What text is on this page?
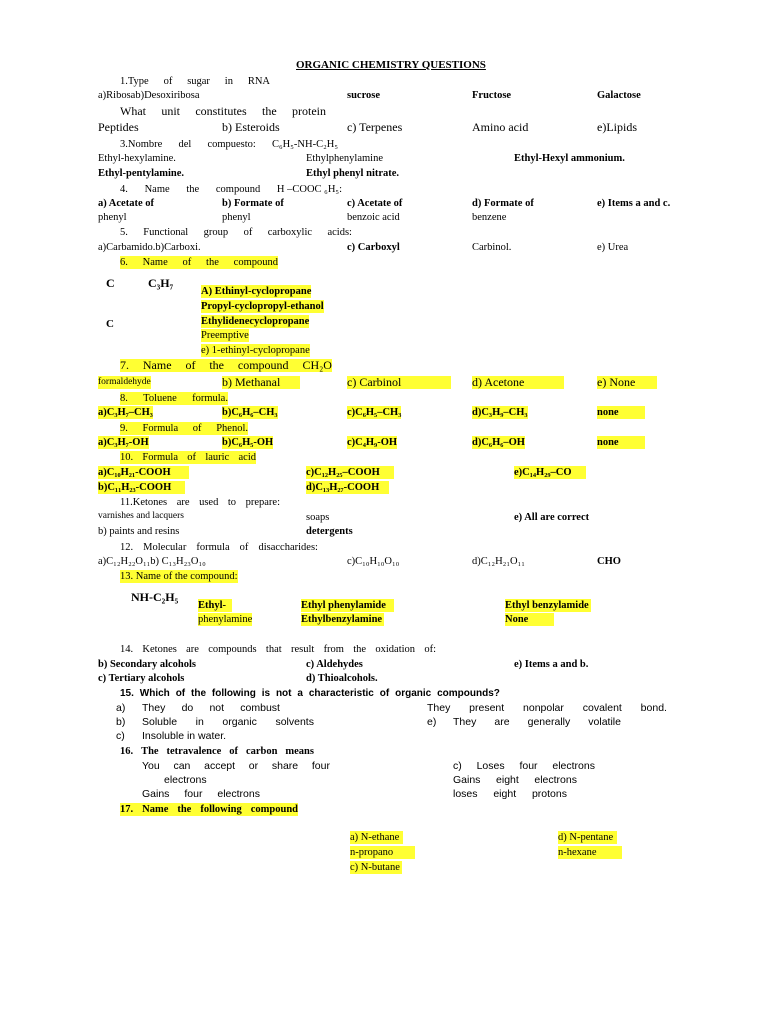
ORGANIC CHEMISTRY QUESTIONS
1.Type of sugar in RNA
a)Ribosab)Desoxiribosa	sucrose	Fructose	Galactose
What unit constitutes the protein
Peptides	b) Esteroids	c) Terpenes	Amino acid	e)Lipids
3.Nombre del compuesto: C₆H₅-NH-C₂H₅
Ethyl-hexylamine.	Ethylphenylamine	Ethyl-Hexyl ammonium.
Ethyl-pentylamine.	Ethyl phenyl nitrate.
4. Name the compound H –COOC ₆H₅:
a) Acetate of	b) Formate of	c) Acetate of	d) Formate of	e) Items a and c.
phenyl	phenyl	benzoic acid	benzene
5. Functional group of carboxylic acids:
a)Carbamido.b)Carboxi.	c) Carboxyl	Carbinol.	e) Urea
6. Name of the compound
C	C₃H₇
C
A) Ethinyl-cyclopropane
Propyl-cyclopropyl-ethanol
Ethylidenecyclopropane
Preemptive
e) 1-ethinyl-cyclopropane
7. Name of the compound CH₂O
formaldehyde	b) Methanal	c) Carbinol	d) Acetone	e) None
8. Toluene formula.
a)C₃H₇–CH₃	b)C₆H₆–CH₃	c)C₆H₅–CH₃	d)C₃H₉–CH₃	none
9. Formula of Phenol.
a)C₃H₇-OH	b)C₆H₅-OH	c)C₄H₉-OH	d)C₆H₆–OH	none
10. Formula of lauric acid
a)C₁₀H₂₁-COOH	c)C₁₂H₂₅–COOH	e)C₁₄H₂₉–CO
b)C₁₁H₂₃-COOH	d)C₁₃H₂₇-COOH
11.Ketones are used to prepare:
varnishes and lacquers	soaps	e) All are correct
b) paints and resins	detergents
12. Molecular formula of disaccharides:
a)C₁₂H₂₂O₁₁b) C₁₃H₂₃O₁₀	c)C₁₀H₁₀O₁₀	d)C₁₂H₂₁O₁₁	CHO
13. Name of the compound:
NH-C₂H₅
Ethyl-	Ethyl phenylamide	Ethyl benzylamide
phenylamine	Ethylbenzylamine	None
14. Ketones are compounds that result from the oxidation of:
b) Secondary alcohols	c) Aldehydes	e) Items a and b.
c) Tertiary alcohols	d) Thioalcohols.
15. Which of the following is not a characteristic of organic compounds?
a) They do not combust	They present nonpolar covalent bond.
b) Soluble in organic solvents	e) They are generally volatile
c) Insoluble in water.
16. The tetravalence of carbon means
You can accept or share four	c) Loses four electrons
electrons	Gains eight electrons
Gains four electrons	loses eight protons
17. Name the following compound
a) N-ethane	d) N-pentane
n-propano	n-hexane
c) N-butane
